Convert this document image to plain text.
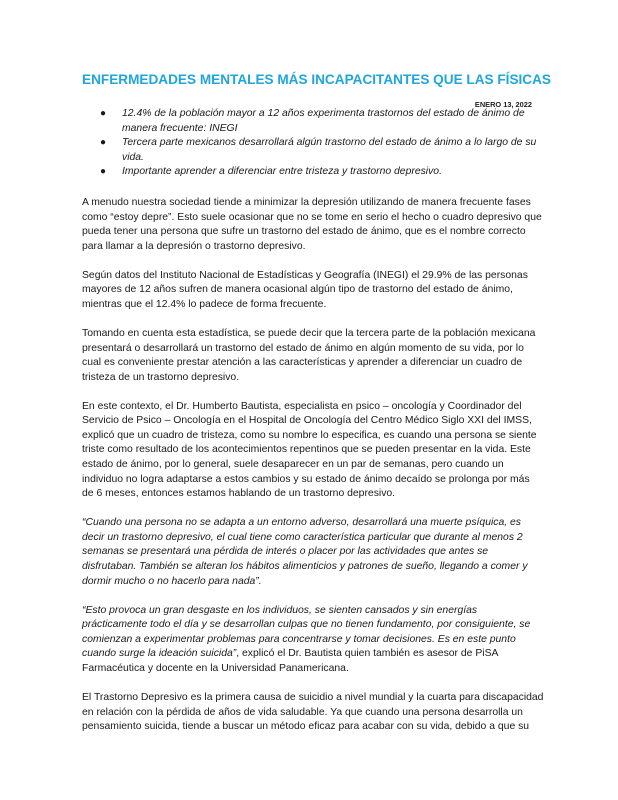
ENFERMEDADES MENTALES MÁS INCAPACITANTES QUE LAS FÍSICAS
ENERO 13, 2022
● 12.4% de la población mayor a 12 años experimenta trastornos del estado de ánimo de manera frecuente: INEGI
● Tercera parte mexicanos desarrollará algún trastorno del estado de ánimo a lo largo de su vida.
● Importante aprender a diferenciar entre tristeza y trastorno depresivo.

A menudo nuestra sociedad tiende a minimizar la depresión utilizando de manera frecuente fases como “estoy depre”. Esto suele ocasionar que no se tome en serio el hecho o cuadro depresivo que pueda tener una persona que sufre un trastorno del estado de ánimo, que es el nombre correcto para llamar a la depresión o trastorno depresivo.

Según datos del Instituto Nacional de Estadísticas y Geografía (INEGI) el 29.9% de las personas mayores de 12 años sufren de manera ocasional algún tipo de trastorno del estado de ánimo, mientras que el 12.4% lo padece de forma frecuente.

Tomando en cuenta esta estadística, se puede decir que la tercera parte de la población mexicana presentará o desarrollará un trastorno del estado de ánimo en algún momento de su vida, por lo cual es conveniente prestar atención a las características y aprender a diferenciar un cuadro de tristeza de un trastorno depresivo.

En este contexto, el Dr. Humberto Bautista, especialista en psico – oncología y Coordinador del Servicio de Psico – Oncología en el Hospital de Oncología del Centro Médico Siglo XXI del IMSS, explicó que un cuadro de tristeza, como su nombre lo especifica, es cuando una persona se siente triste como resultado de los acontecimientos repentinos que se pueden presentar en la vida. Este estado de ánimo, por lo general, suele desaparecer en un par de semanas, pero cuando un individuo no logra adaptarse a estos cambios y su estado de ánimo decaído se prolonga por más de 6 meses, entonces estamos hablando de un trastorno depresivo.

“Cuando una persona no se adapta a un entorno adverso, desarrollará una muerte psíquica, es decir un trastorno depresivo, el cual tiene como característica particular que durante al menos 2 semanas se presentará una pérdida de interés o placer por las actividades que antes se disfrutaban. También se alteran los hábitos alimenticios y patrones de sueño, llegando a comer y dormir mucho o no hacerlo para nada”.

“Esto provoca un gran desgaste en los individuos, se sienten cansados y sin energías prácticamente todo el día y se desarrollan culpas que no tienen fundamento, por consiguiente, se comienzan a experimentar problemas para concentrarse y tomar decisiones. Es en este punto cuando surge la ideación suicida”, explicó el Dr. Bautista quien también es asesor de PiSA Farmacéutica y docente en la Universidad Panamericana.

El Trastorno Depresivo es la primera causa de suicidio a nivel mundial y la cuarta para discapacidad en relación con la pérdida de años de vida saludable. Ya que cuando una persona desarrolla un pensamiento suicida, tiende a buscar un método eficaz para acabar con su vida, debido a que su
